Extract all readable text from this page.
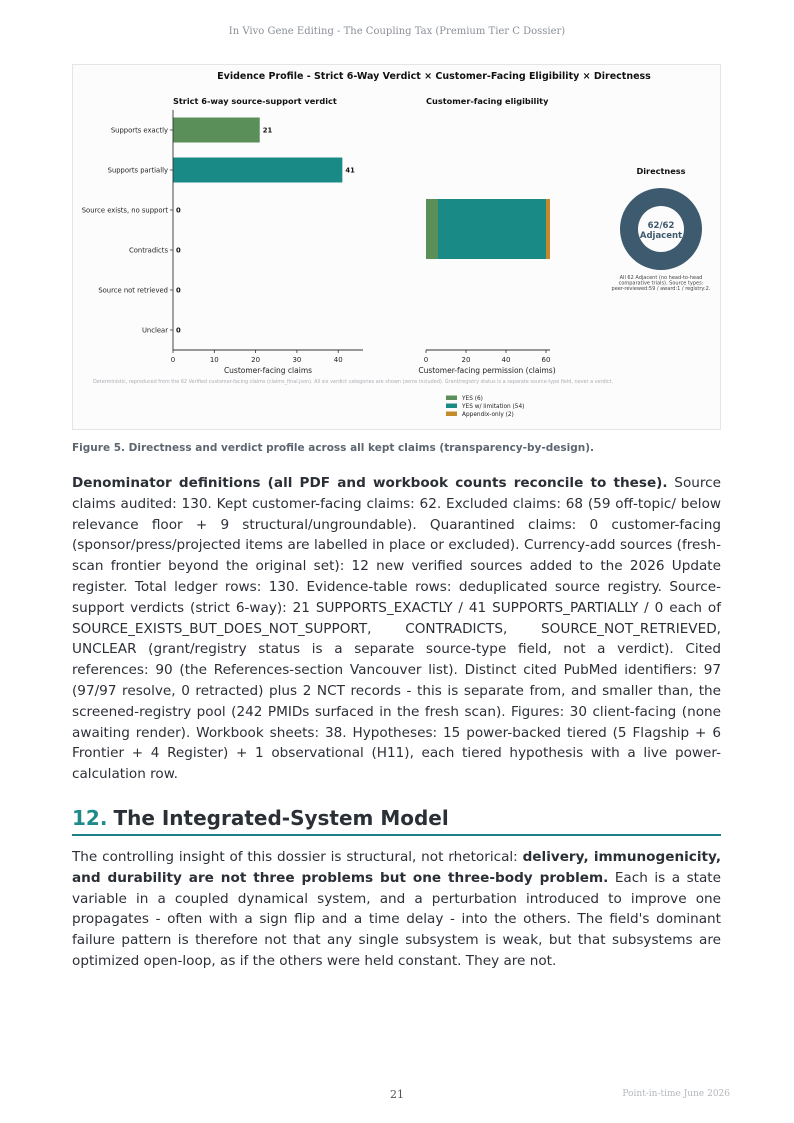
In Vivo Gene Editing - The Coupling Tax (Premium Tier C Dossier)
Evidence Profile - Strict 6-Way Verdict × Customer-Facing Eligibility × Directness
Strict 6-way source-support verdict
Supports exactly	21
Supports partially	41
Source exists, no support 0
Contradicts 0
Source not retrieved 0
Unclear 0
0	10	20	30	40
Customer-facing claims
Customer-facing eligibility
0	20	40	60
Customer-facing permission (claims)
YES (6)
YES w/ limitation (54)
Appendix-only (2)
Directness
62/62
Adjacent
All 62 Adjacent (no head-to-head
comparative trials). Source types:
peer-reviewed:59 / award:1 / registry:2.
Deterministic, reproduced from the 62 Verified customer-facing claims (claims_final.json). All six verdict categories are shown (zeros included). Grant/registry status is a separate source-type field, never a verdict.
Figure 5. Directness and verdict profile across all kept claims (transparency-by-design).
Denominator definitions (all PDF and workbook counts reconcile to these). Source claims audited: 130. Kept customer-facing claims: 62. Excluded claims: 68 (59 off-topic/ below relevance floor + 9 structural/ungroundable). Quarantined claims: 0 customer-facing (sponsor/press/projected items are labelled in place or excluded). Currency-add sources (fresh-scan frontier beyond the original set): 12 new verified sources added to the 2026 Update register. Total ledger rows: 130. Evidence-table rows: deduplicated source registry. Source-support verdicts (strict 6-way): 21 SUPPORTS_EXACTLY / 41 SUPPORTS_PARTIALLY / 0 each of SOURCE_EXISTS_BUT_DOES_NOT_SUPPORT, CONTRADICTS, SOURCE_NOT_RETRIEVED, UNCLEAR (grant/registry status is a separate source-type field, not a verdict). Cited references: 90 (the References-section Vancouver list). Distinct cited PubMed identifiers: 97 (97/97 resolve, 0 retracted) plus 2 NCT records - this is separate from, and smaller than, the screened-registry pool (242 PMIDs surfaced in the fresh scan). Figures: 30 client-facing (none awaiting render). Workbook sheets: 38. Hypotheses: 15 power-backed tiered (5 Flagship + 6 Frontier + 4 Register) + 1 observational (H11), each tiered hypothesis with a live power-calculation row.
12. The Integrated-System Model
The controlling insight of this dossier is structural, not rhetorical: delivery, immunogenicity, and durability are not three problems but one three-body problem. Each is a state variable in a coupled dynamical system, and a perturbation introduced to improve one propagates - often with a sign flip and a time delay - into the others. The field's dominant failure pattern is therefore not that any single subsystem is weak, but that subsystems are optimized open-loop, as if the others were held constant. They are not.
21	Point-in-time June 2026
